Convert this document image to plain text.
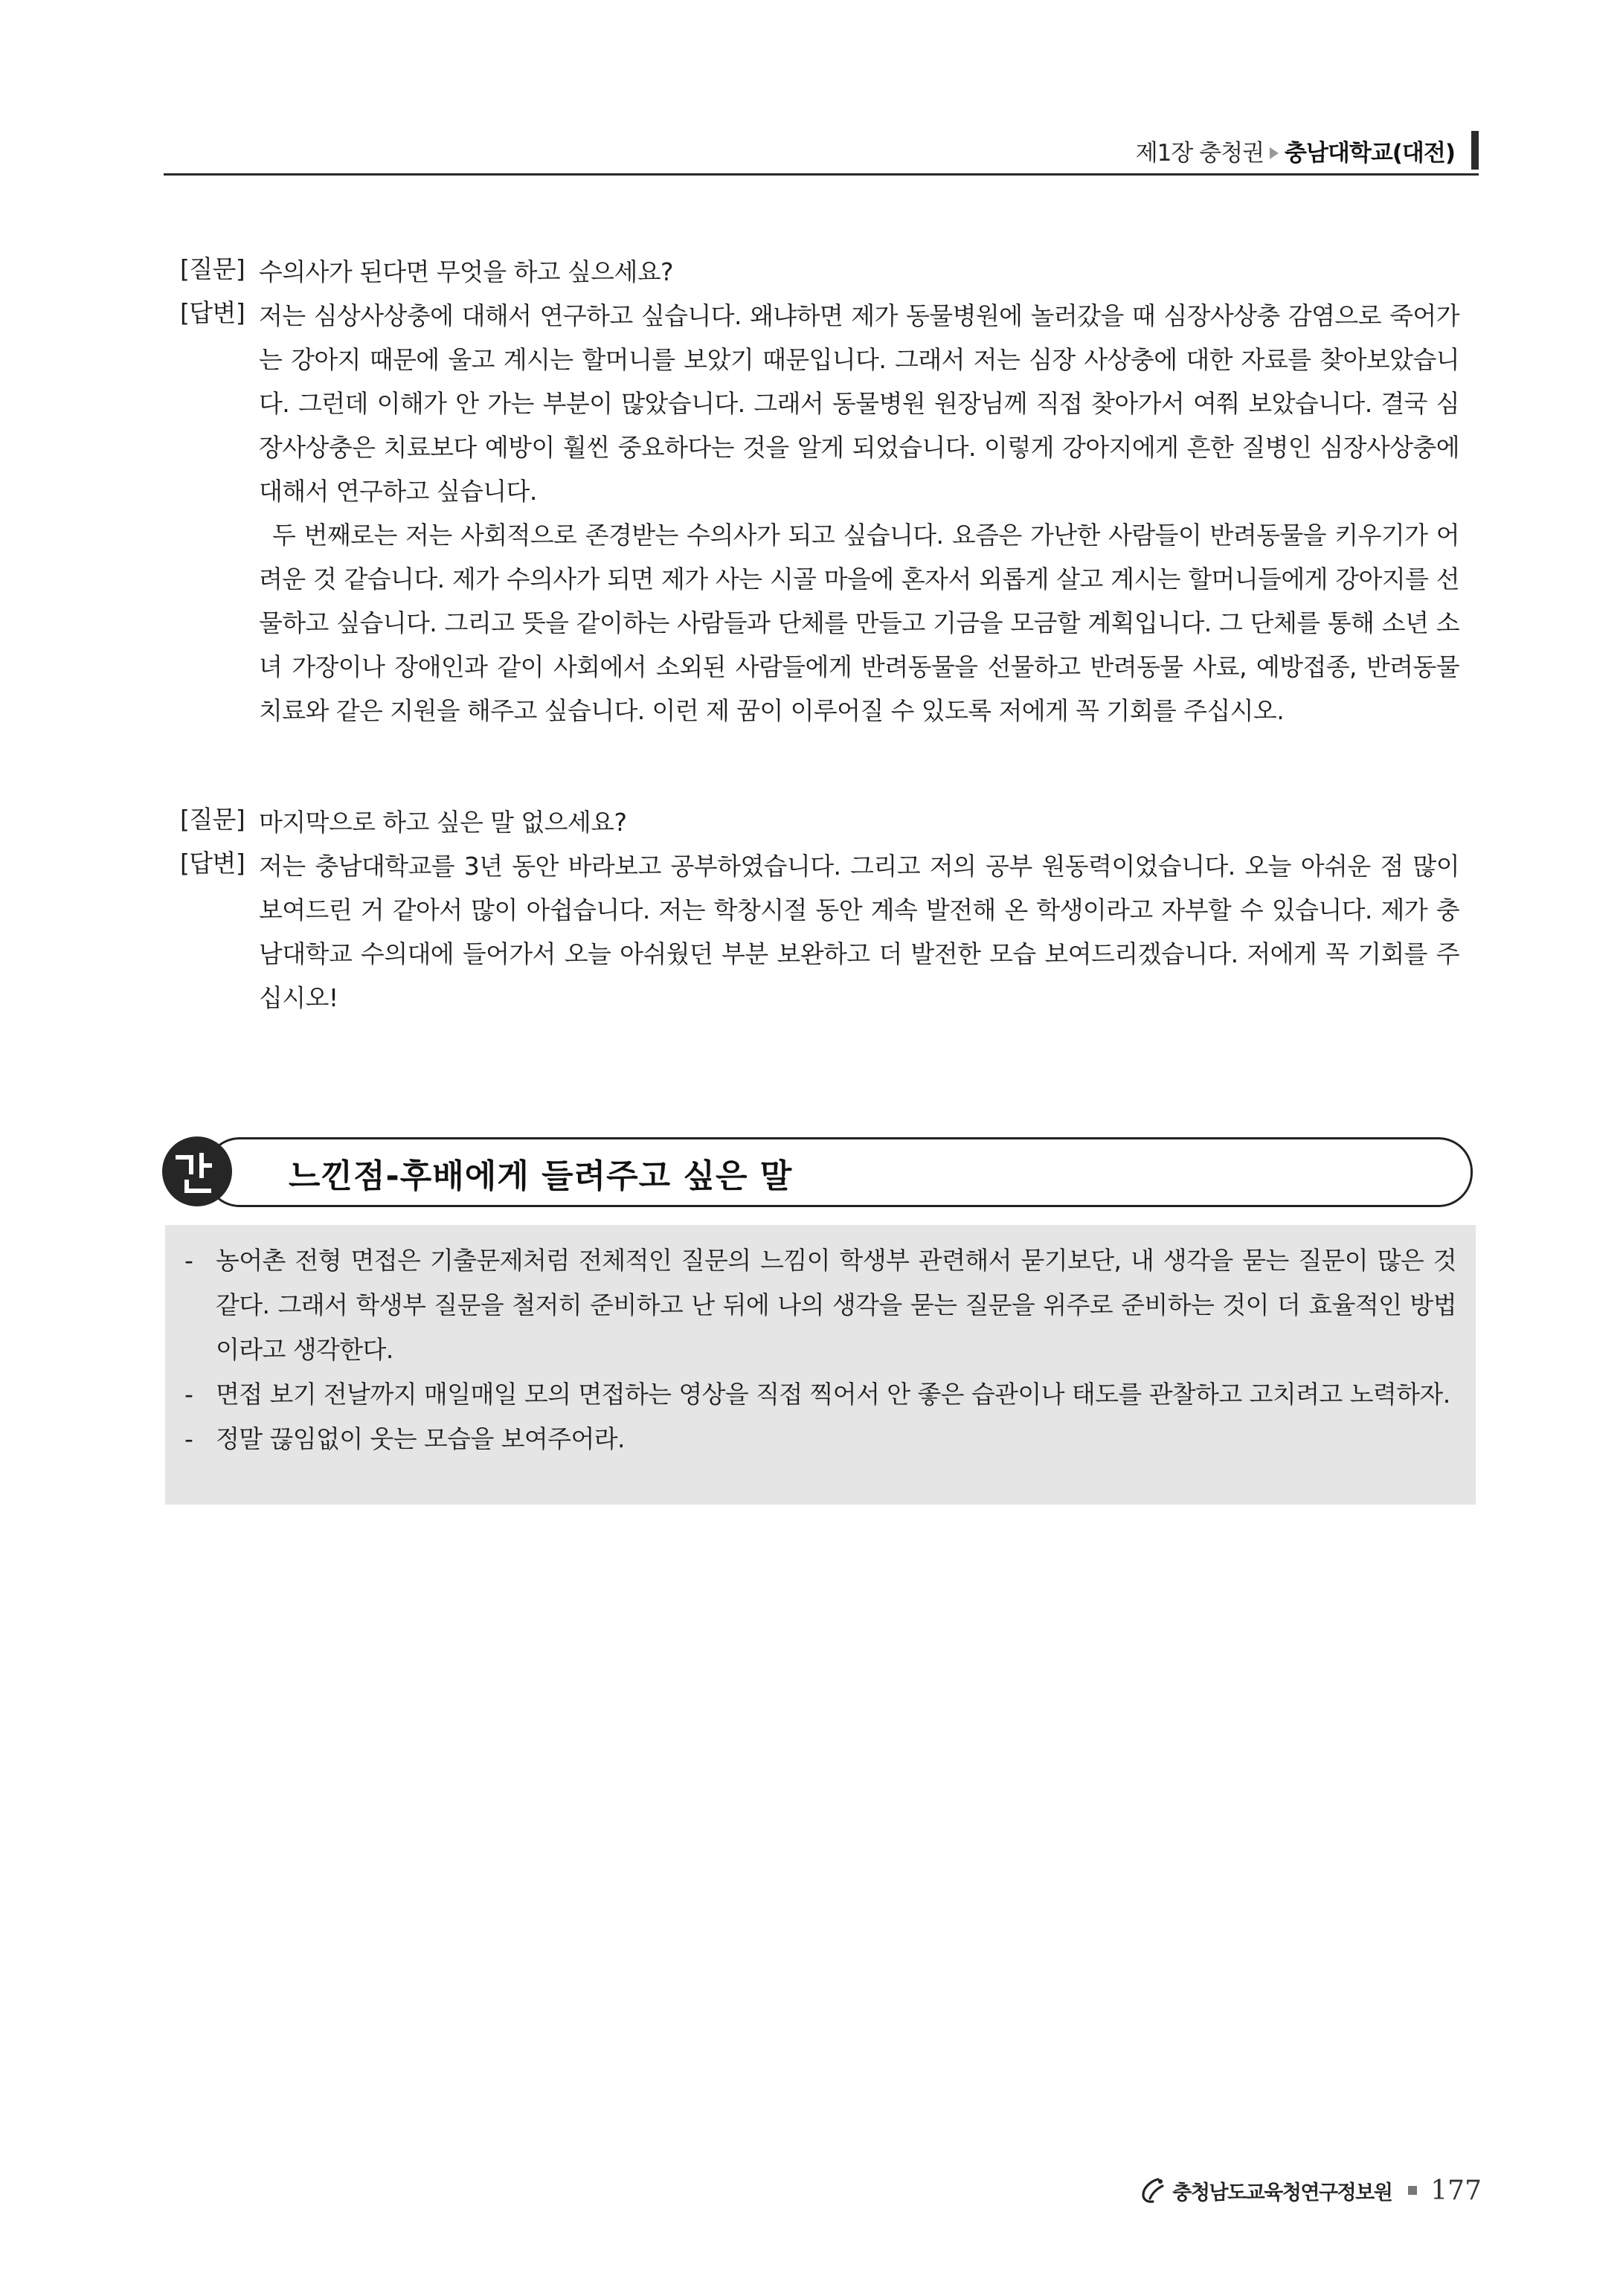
제1장 충청권 충남대학교(대전)
[질문] 수의사가 된다면 무엇을 하고 싶으세요?

[답변] 저는 심상사상충에 대해서 연구하고 싶습니다. 왜냐하면 제가 동물병원에 놀러갔을 때 심장사상충 감염으로 죽어가는 강아지 때문에 울고 계시는 할머니를 보았기 때문입니다. 그래서 저는 심장 사상충에 대한 자료를 찾아보았습니다. 그런데 이해가 안 가는 부분이 많았습니다. 그래서 동물병원 원장님께 직접 찾아가서 여쭤 보았습니다. 결국 심장사상충은 치료보다 예방이 훨씬 중요하다는 것을 알게 되었습니다. 이렇게 강아지에게 흔한 질병인 심장사상충에 대해서 연구하고 싶습니다.

두 번째로는 저는 사회적으로 존경받는 수의사가 되고 싶습니다. 요즘은 가난한 사람들이 반려동물을 키우기가 어려운 것 같습니다. 제가 수의사가 되면 제가 사는 시골 마을에 혼자서 외롭게 살고 계시는 할머니들에게 강아지를 선물하고 싶습니다. 그리고 뜻을 같이하는 사람들과 단체를 만들고 기금을 모금할 계획입니다. 그 단체를 통해 소년 소녀 가장이나 장애인과 같이 사회에서 소외된 사람들에게 반려동물을 선물하고 반려동물 사료, 예방접종, 반려동물 치료와 같은 지원을 해주고 싶습니다. 이런 제 꿈이 이루어질 수 있도록 저에게 꼭 기회를 주십시오.

[질문] 마지막으로 하고 싶은 말 없으세요?

[답변] 저는 충남대학교를 3년 동안 바라보고 공부하였습니다. 그리고 저의 공부 원동력이었습니다. 오늘 아쉬운 점 많이 보여드린 거 같아서 많이 아쉽습니다. 저는 학창시절 동안 계속 발전해 온 학생이라고 자부할 수 있습니다. 제가 충남대학교 수의대에 들어가서 오늘 아쉬웠던 부분 보완하고 더 발전한 모습 보여드리겠습니다. 저에게 꼭 기회를 주십시오!

느낀점-후배에게 들려주고 싶은 말
- 농어촌 전형 면접은 기출문제처럼 전체적인 질문의 느낌이 학생부 관련해서 묻기보단, 내 생각을 묻는 질문이 많은 것 같다. 그래서 학생부 질문을 철저히 준비하고 난 뒤에 나의 생각을 묻는 질문을 위주로 준비하는 것이 더 효율적인 방법이라고 생각한다.

- 면접 보기 전날까지 매일매일 모의 면접하는 영상을 직접 찍어서 안 좋은 습관이나 태도를 관찰하고 고치려고 노력하자.

- 정말 끊임없이 웃는 모습을 보여주어라.

충청남도교육청연구정보원 177
